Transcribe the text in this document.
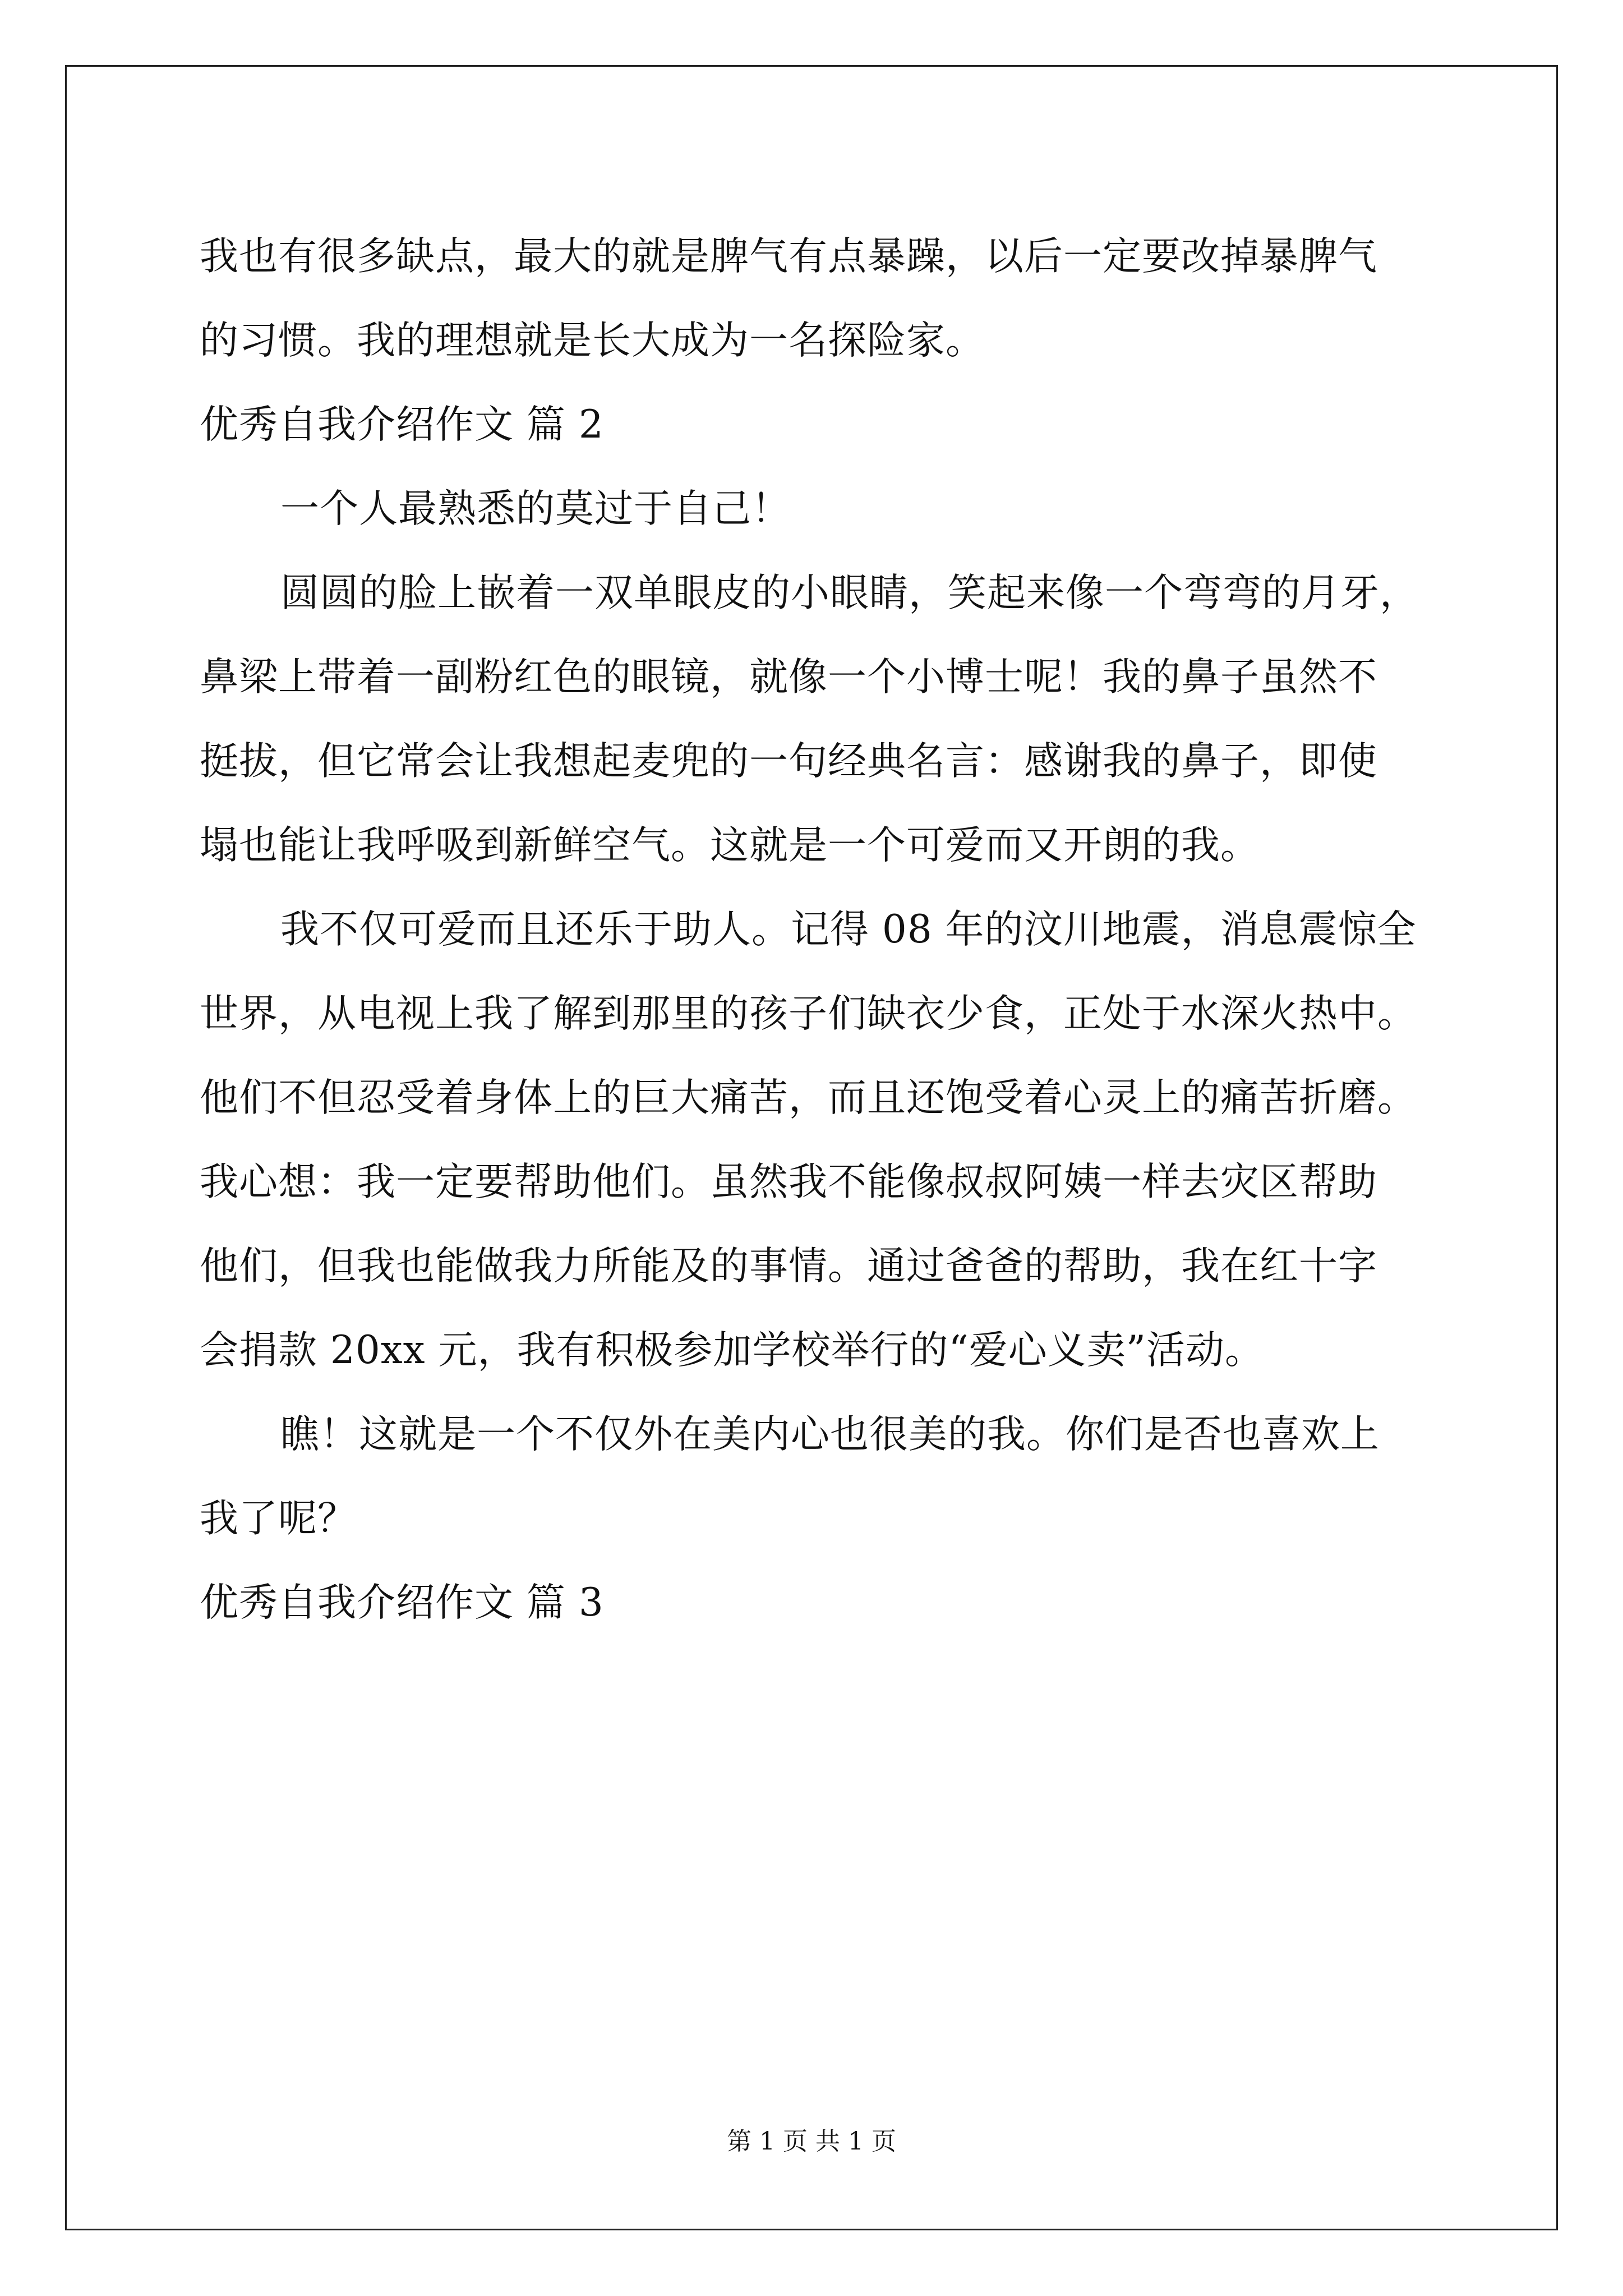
我也有很多缺点，最大的就是脾气有点暴躁，以后一定要改掉暴脾气
的习惯。我的理想就是长大成为一名探险家。
优秀自我介绍作文 篇 2
一个人最熟悉的莫过于自己！
圆圆的脸上嵌着一双单眼皮的小眼睛，笑起来像一个弯弯的月牙，
鼻梁上带着一副粉红色的眼镜，就像一个小博士呢！我的鼻子虽然不
挺拔，但它常会让我想起麦兜的一句经典名言：感谢我的鼻子，即使
塌也能让我呼吸到新鲜空气。这就是一个可爱而又开朗的我。
我不仅可爱而且还乐于助人。记得 08 年的汶川地震，消息震惊全
世界，从电视上我了解到那里的孩子们缺衣少食，正处于水深火热中。
他们不但忍受着身体上的巨大痛苦，而且还饱受着心灵上的痛苦折磨。
我心想：我一定要帮助他们。虽然我不能像叔叔阿姨一样去灾区帮助
他们，但我也能做我力所能及的事情。通过爸爸的帮助，我在红十字
会捐款 20xx 元，我有积极参加学校举行的“爱心义卖”活动。
瞧！这就是一个不仅外在美内心也很美的我。你们是否也喜欢上
我了呢？
优秀自我介绍作文 篇 3
第 1 页 共 1 页
